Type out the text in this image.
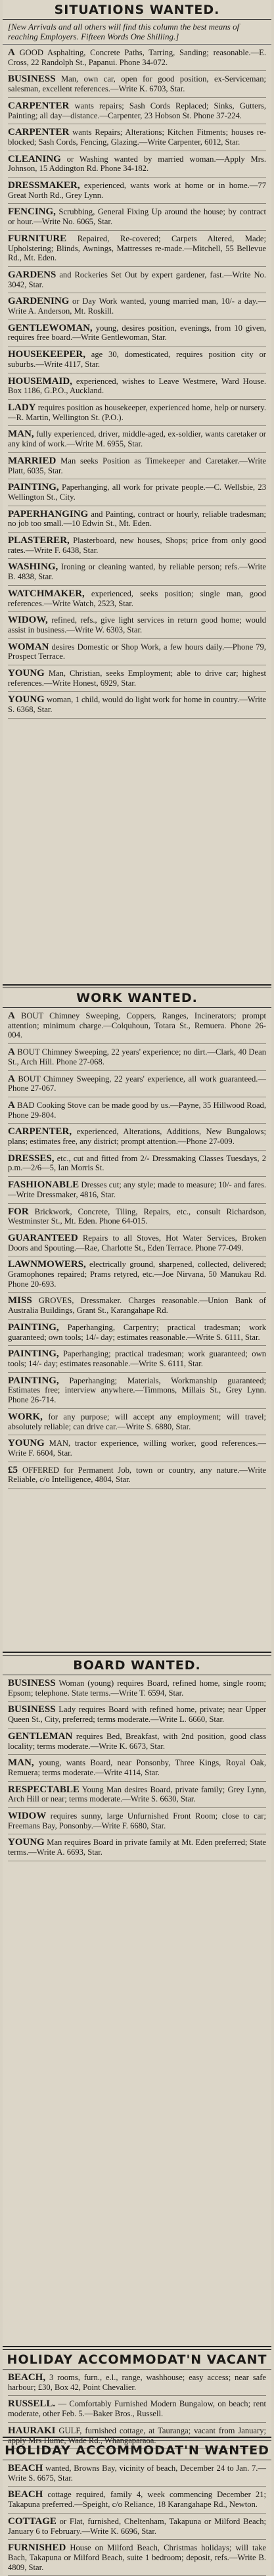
SITUATIONS WANTED.
[New Arrivals and all others will find this column the best means of reaching Employers. Fifteen Words One Shilling.]
A GOOD Asphalting, Concrete Paths, Tarring, Sanding; reasonable.—E. Cross, 22 Randolph St., Papanui. Phone 34-072.
BUSINESS Man, own car, open for good position, ex-Serviceman; salesman, excellent references.—Write K. 6703, Star.
CARPENTER wants repairs; Sash Cords Replaced; Sinks, Gutters, Painting; all day—distance.—Carpenter, 23 Hobson St. Phone 37-224.
CARPENTER wants Repairs; Alterations; Kitchen Fitments; houses re-blocked; Sash Cords, Fencing, Glazing.—Write Carpenter, 6012, Star.
CLEANING or Washing wanted by married woman.—Apply Mrs. Johnson, 15 Addington Rd. Phone 34-182.
DRESSMAKER, experienced, wants work at home or in home.—77 Great North Rd., Grey Lynn.
FENCING, Scrubbing, General Fixing Up around the house; by contract or hour.—Write No. 6065, Star.
FURNITURE Repaired, Re-covered; Carpets Altered, Made; Upholstering; Blinds, Awnings, Mattresses re-made.—Mitchell, 55 Bellevue Rd., Mt. Eden.
GARDENS and Rockeries Set Out by expert gardener, fast.—Write No. 3042, Star.
GARDENING or Day Work wanted, young married man, 10/- a day.—Write A. Anderson, Mt. Roskill.
GENTLEWOMAN, young, desires position, evenings, from 10 given, requires free board.—Write Gentlewoman, Star.
HOUSEKEEPER, age 30, domesticated, requires position city or suburbs.—Write 4117, Star.
HOUSEMAID, experienced, wishes to Leave Westmere, Ward House. Box 1186, G.P.O., Auckland.
LADY requires position as housekeeper, experienced home, help or nursery.—R. Martin, Wellington St. (P.O.).
MAN, fully experienced, driver, middle-aged, ex-soldier, wants caretaker or any kind of work.—Write M. 6955, Star.
MARRIED Man seeks Position as Timekeeper and Caretaker.—Write Platt, 6035, Star.
PAINTING, Paperhanging, all work for private people.—C. Wellsbie, 23 Wellington St., City.
PAPERHANGING and Painting, contract or hourly, reliable tradesman; no job too small.—10 Edwin St., Mt. Eden.
PLASTERER, Plasterboard, new houses, Shops; price from only good rates.—Write F. 6438, Star.
WASHING, Ironing or cleaning wanted, by reliable person; refs.—Write B. 4838, Star.
WATCHMAKER, experienced, seeks position; single man, good references.—Write Watch, 2523, Star.
WIDOW, refined, refs., give light services in return good home; would assist in business.—Write W. 6303, Star.
WOMAN desires Domestic or Shop Work, a few hours daily.—Phone 79, Prospect Terrace.
YOUNG Man, Christian, seeks Employment; able to drive car; highest references.—Write Honest, 6929, Star.
YOUNG woman, 1 child, would do light work for home in country.—Write S. 6368, Star.
WORK WANTED.
A BOUT Chimney Sweeping, Coppers, Ranges, Incinerators; prompt attention; minimum charge.—Colquhoun, Totara St., Remuera. Phone 26-004.
A BOUT Chimney Sweeping, 22 years' experience; no dirt.—Clark, 40 Dean St., Arch Hill. Phone 27-068.
A BOUT Chimney Sweeping, 22 years' experience, all work guaranteed.—Phone 27-067.
A BAD Cooking Stove can be made good by us.—Payne, 35 Hillwood Road, Phone 29-804.
CARPENTER, experienced, Alterations, Additions, New Bungalows; plans; estimates free, any district; prompt attention.—Phone 27-009.
DRESSES, etc., cut and fitted from 2/- Dressmaking Classes Tuesdays, 2 p.m.—2/6—5, Ian Morris St.
FASHIONABLE Dresses cut; any style; made to measure; 10/- and fares.—Write Dressmaker, 4816, Star.
FOR Brickwork, Concrete, Tiling, Repairs, etc., consult Richardson, Westminster St., Mt. Eden. Phone 64-015.
GUARANTEED Repairs to all Stoves, Hot Water Services, Broken Doors and Spouting.—Rae, Charlotte St., Eden Terrace. Phone 77-049.
LAWNMOWERS, electrically ground, sharpened, collected, delivered; Gramophones repaired; Prams retyred, etc.—Joe Nirvana, 50 Manukau Rd. Phone 20-693.
MISS GROVES, Dressmaker. Charges reasonable.—Union Bank of Australia Buildings, Grant St., Karangahape Rd.
PAINTING, Paperhanging, Carpentry; practical tradesman; work guaranteed; own tools; 14/- day; estimates reasonable.—Write S. 6111, Star.
PAINTING, Paperhanging; practical tradesman; work guaranteed; own tools; 14/- day; estimates reasonable.—Write S. 6111, Star.
PAINTING, Paperhanging; Materials, Workmanship guaranteed; Estimates free; interview anywhere.—Timmons, Millais St., Grey Lynn. Phone 26-714.
WORK, for any purpose; will accept any employment; will travel; absolutely reliable; can drive car.—Write S. 6880, Star.
YOUNG MAN, tractor experience, willing worker, good references.—Write F. 6604, Star.
£5 OFFERED for Permanent Job, town or country, any nature.—Write Reliable, c/o Intelligence, 4804, Star.
BOARD WANTED.
BUSINESS Woman (young) requires Board, refined home, single room; Epsom; telephone. State terms.—Write T. 6594, Star.
BUSINESS Lady requires Board with refined home, private; near Upper Queen St., City, preferred; terms moderate.—Write L. 6660, Star.
GENTLEMAN requires Bed, Breakfast, with 2nd position, good class locality; terms moderate.—Write K. 6673, Star.
MAN, young, wants Board, near Ponsonby, Three Kings, Royal Oak, Remuera; terms moderate.—Write 4114, Star.
RESPECTABLE Young Man desires Board, private family; Grey Lynn, Arch Hill or near; terms moderate.—Write S. 6630, Star.
WIDOW requires sunny, large Unfurnished Front Room; close to car; Freemans Bay, Ponsonby.—Write F. 6680, Star.
YOUNG Man requires Board in private family at Mt. Eden preferred; State terms.—Write A. 6693, Star.
HOLIDAY ACCOMMODAT'N VACANT
BEACH, 3 rooms, furn., e.l., range, washhouse; easy access; near safe harbour; £30, Box 42, Point Chevalier.
RUSSELL. — Comfortably Furnished Modern Bungalow, on beach; rent moderate, other Feb. 5.—Baker Bros., Russell.
HAURAKI GULF, furnished cottage, at Tauranga; vacant from January; apply Mrs Hume, Wade Rd., Whangaparaoa.
HOLIDAY ACCOMMODAT'N WANTED
BEACH wanted, Browns Bay, vicinity of beach, December 24 to Jan. 7.—Write S. 6675, Star.
BEACH cottage required, family 4, week commencing December 21; Takapuna preferred.—Speight, c/o Reliance, 18 Karangahape Rd., Newton.
COTTAGE or Flat, furnished, Cheltenham, Takapuna or Milford Beach; January 6 to February.—Write K. 6696, Star.
FURNISHED House on Milford Beach, Christmas holidays; will take Bach, Takapuna or Milford Beach, suite 1 bedroom; deposit, refs.—Write B. 4809, Star.
